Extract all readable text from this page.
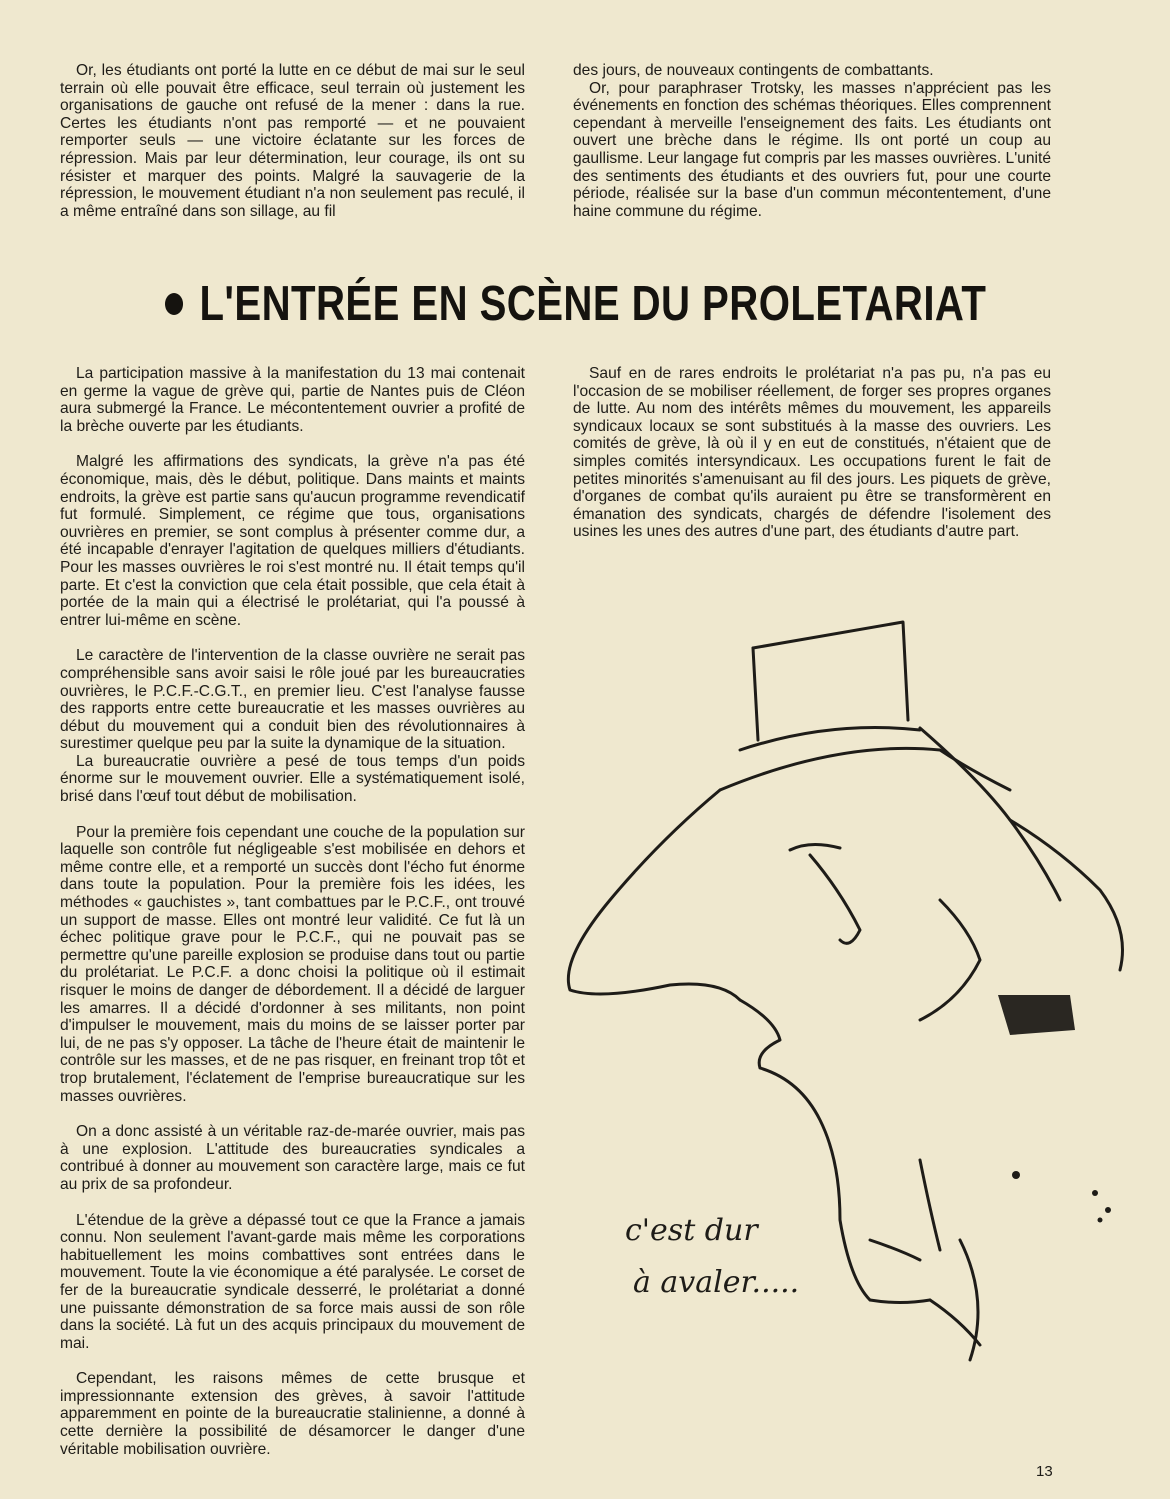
Or, les étudiants ont porté la lutte en ce début de mai sur le seul terrain où elle pouvait être efficace, seul terrain où justement les organisations de gauche ont refusé de la mener : dans la rue. Certes les étudiants n'ont pas remporté — et ne pouvaient remporter seuls — une victoire éclatante sur les forces de répression. Mais par leur détermination, leur courage, ils ont su résister et marquer des points. Malgré la sauvagerie de la répression, le mouvement étudiant n'a non seulement pas reculé, il a même entraîné dans son sillage, au fil

des jours, de nouveaux contingents de combattants.

Or, pour paraphraser Trotsky, les masses n'apprécient pas les événements en fonction des schémas théoriques. Elles comprennent cependant à merveille l'enseignement des faits. Les étudiants ont ouvert une brèche dans le régime. Ils ont porté un coup au gaullisme. Leur langage fut compris par les masses ouvrières. L'unité des sentiments des étudiants et des ouvriers fut, pour une courte période, réalisée sur la base d'un commun mécontentement, d'une haine commune du régime.

L'ENTRÉE EN SCÈNE DU PROLETARIAT

La participation massive à la manifestation du 13 mai contenait en germe la vague de grève qui, partie de Nantes puis de Cléon aura submergé la France. Le mécontentement ouvrier a profité de la brèche ouverte par les étudiants.

Malgré les affirmations des syndicats, la grève n'a pas été économique, mais, dès le début, politique. Dans maints et maints endroits, la grève est partie sans qu'aucun programme revendicatif fut formulé. Simplement, ce régime que tous, organisations ouvrières en premier, se sont complus à présenter comme dur, a été incapable d'enrayer l'agitation de quelques milliers d'étudiants. Pour les masses ouvrières le roi s'est montré nu. Il était temps qu'il parte. Et c'est la conviction que cela était possible, que cela était à portée de la main qui a électrisé le prolétariat, qui l'a poussé à entrer lui-même en scène.

Le caractère de l'intervention de la classe ouvrière ne serait pas compréhensible sans avoir saisi le rôle joué par les bureaucraties ouvrières, le P.C.F.-C.G.T., en premier lieu. C'est l'analyse fausse des rapports entre cette bureaucratie et les masses ouvrières au début du mouvement qui a conduit bien des révolutionnaires à surestimer quelque peu par la suite la dynamique de la situation.

La bureaucratie ouvrière a pesé de tous temps d'un poids énorme sur le mouvement ouvrier. Elle a systématiquement isolé, brisé dans l'œuf tout début de mobilisation.

Pour la première fois cependant une couche de la population sur laquelle son contrôle fut négligeable s'est mobilisée en dehors et même contre elle, et a remporté un succès dont l'écho fut énorme dans toute la population. Pour la première fois les idées, les méthodes « gauchistes », tant combattues par le P.C.F., ont trouvé un support de masse. Elles ont montré leur validité. Ce fut là un échec politique grave pour le P.C.F., qui ne pouvait pas se permettre qu'une pareille explosion se produise dans tout ou partie du prolétariat. Le P.C.F. a donc choisi la politique où il estimait risquer le moins de danger de débordement. Il a décidé de larguer les amarres. Il a décidé d'ordonner à ses militants, non point d'impulser le mouvement, mais du moins de se laisser porter par lui, de ne pas s'y opposer. La tâche de l'heure était de maintenir le contrôle sur les masses, et de ne pas risquer, en freinant trop tôt et trop brutalement, l'éclatement de l'emprise bureaucratique sur les masses ouvrières.

On a donc assisté à un véritable raz-de-marée ouvrier, mais pas à une explosion. L'attitude des bureaucraties syndicales a contribué à donner au mouvement son caractère large, mais ce fut au prix de sa profondeur.

L'étendue de la grève a dépassé tout ce que la France a jamais connu. Non seulement l'avant-garde mais même les corporations habituellement les moins combattives sont entrées dans le mouvement. Toute la vie économique a été paralysée. Le corset de fer de la bureaucratie syndicale desserré, le prolétariat a donné une puissante démonstration de sa force mais aussi de son rôle dans la société. Là fut un des acquis principaux du mouvement de mai.

Cependant, les raisons mêmes de cette brusque et impressionnante extension des grèves, à savoir l'attitude apparemment en pointe de la bureaucratie stalinienne, a donné à cette dernière la possibilité de désamorcer le danger d'une véritable mobilisation ouvrière.

Sauf en de rares endroits le prolétariat n'a pas pu, n'a pas eu l'occasion de se mobiliser réellement, de forger ses propres organes de lutte. Au nom des intérêts mêmes du mouvement, les appareils syndicaux locaux se sont substitués à la masse des ouvriers. Les comités de grève, là où il y en eut de constitués, n'étaient que de simples comités intersyndicaux. Les occupations furent le fait de petites minorités s'amenuisant au fil des jours. Les piquets de grève, d'organes de combat qu'ils auraient pu être se transformèrent en émanation des syndicats, chargés de défendre l'isolement des usines les unes des autres d'une part, des étudiants d'autre part.

c'est dur
à avaler.....
13
